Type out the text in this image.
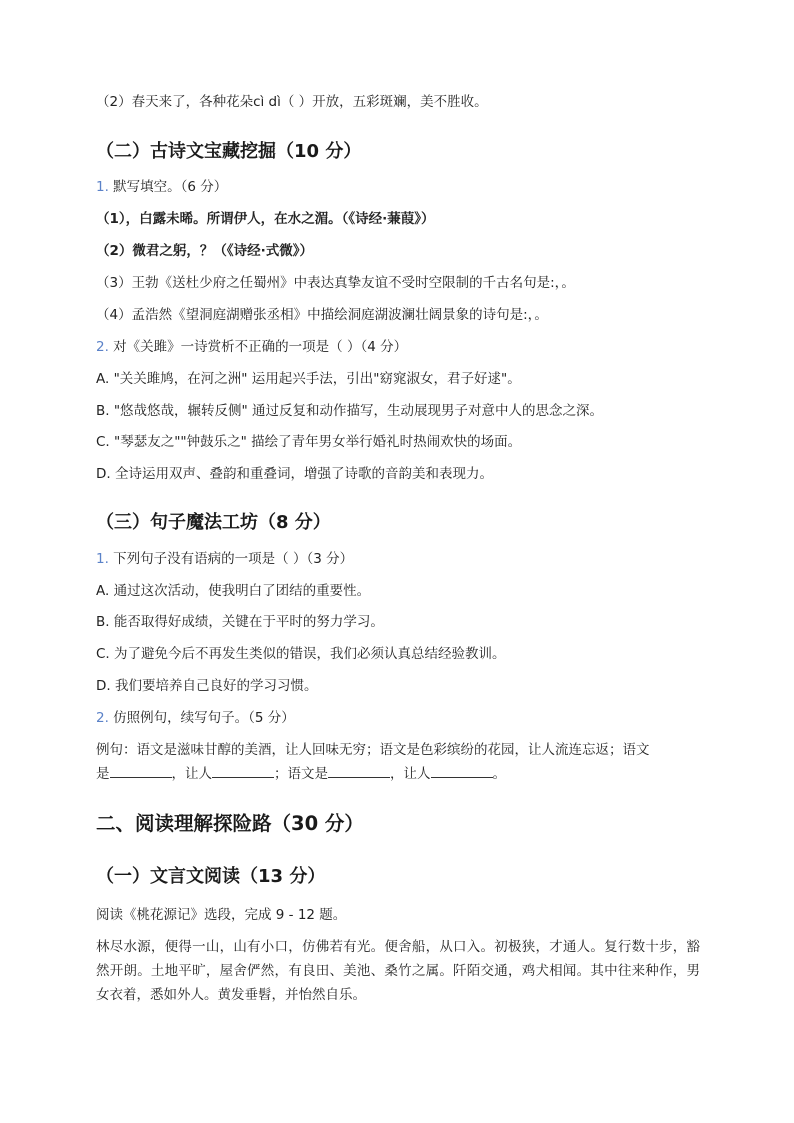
（2）春天来了，各种花朵cì dì（ ）开放，五彩斑斓，美不胜收。
（二）古诗文宝藏挖掘（10 分）
1. 默写填空。（6 分）
（1），白露未晞。所谓伊人，在水之湄。（《诗经·蒹葭》）
（2）微君之躬，？（《诗经·式微》）
（3）王勃《送杜少府之任蜀州》中表达真挚友谊不受时空限制的千古名句是:，。
（4）孟浩然《望洞庭湖赠张丞相》中描绘洞庭湖波澜壮阔景象的诗句是:，。
2. 对《关雎》一诗赏析不正确的一项是（ ）（4 分）
A. "关关雎鸠，在河之洲" 运用起兴手法，引出"窈窕淑女，君子好逑"。
B. "悠哉悠哉，辗转反侧" 通过反复和动作描写，生动展现男子对意中人的思念之深。
C. "琴瑟友之""钟鼓乐之" 描绘了青年男女举行婚礼时热闹欢快的场面。
D. 全诗运用双声、叠韵和重叠词，增强了诗歌的音韵美和表现力。
（三）句子魔法工坊（8 分）
1. 下列句子没有语病的一项是（ ）（3 分）
A. 通过这次活动，使我明白了团结的重要性。
B. 能否取得好成绩，关键在于平时的努力学习。
C. 为了避免今后不再发生类似的错误，我们必须认真总结经验教训。
D. 我们要培养自己良好的学习习惯。
2. 仿照例句，续写句子。（5 分）
例句：语文是滋味甘醇的美酒，让人回味无穷；语文是色彩缤纷的花园，让人流连忘返；语文
是	，让人	；语文是	，让人	。
二、阅读理解探险路（30 分）
（一）文言文阅读（13 分）
阅读《桃花源记》选段，完成 9 - 12 题。
林尽水源，便得一山，山有小口，仿佛若有光。便舍船，从口入。初极狭，才通人。复行数十步，豁然开朗。土地平旷，屋舍俨然，有良田、美池、桑竹之属。阡陌交通，鸡犬相闻。其中往来种作，男女衣着，悉如外人。黄发垂髫，并怡然自乐。
